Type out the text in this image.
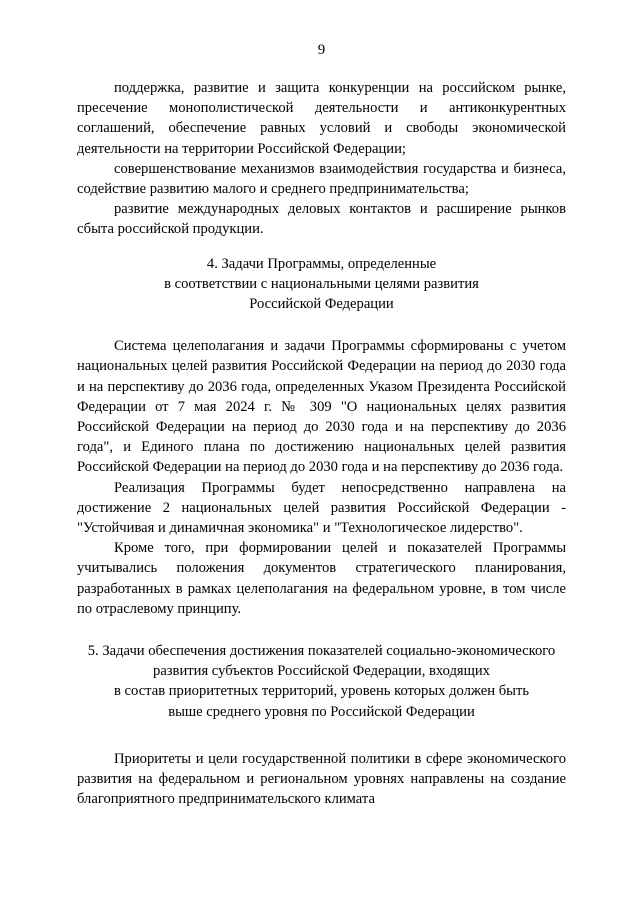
9

поддержка, развитие и защита конкуренции на российском рынке, пресечение монополистической деятельности и антиконкурентных соглашений, обеспечение равных условий и свободы экономической деятельности на территории Российской Федерации;

совершенствование механизмов взаимодействия государства и бизнеса, содействие развитию малого и среднего предпринимательства;

развитие международных деловых контактов и расширение рынков сбыта российской продукции.

4. Задачи Программы, определенные
в соответствии с национальными целями развития
Российской Федерации

Система целеполагания и задачи Программы сформированы с учетом национальных целей развития Российской Федерации на период до 2030 года и на перспективу до 2036 года, определенных Указом Президента Российской Федерации от 7 мая 2024 г. № 309 "О национальных целях развития Российской Федерации на период до 2030 года и на перспективу до 2036 года", и Единого плана по достижению национальных целей развития Российской Федерации на период до 2030 года и на перспективу до 2036 года.

Реализация Программы будет непосредственно направлена на достижение 2 национальных целей развития Российской Федерации - "Устойчивая и динамичная экономика" и "Технологическое лидерство".

Кроме того, при формировании целей и показателей Программы учитывались положения документов стратегического планирования, разработанных в рамках целеполагания на федеральном уровне, в том числе по отраслевому принципу.

5. Задачи обеспечения достижения показателей социально-экономического
развития субъектов Российской Федерации, входящих
в состав приоритетных территорий, уровень которых должен быть
выше среднего уровня по Российской Федерации

Приоритеты и цели государственной политики в сфере экономического развития на федеральном и региональном уровнях направлены на создание благоприятного предпринимательского климата
